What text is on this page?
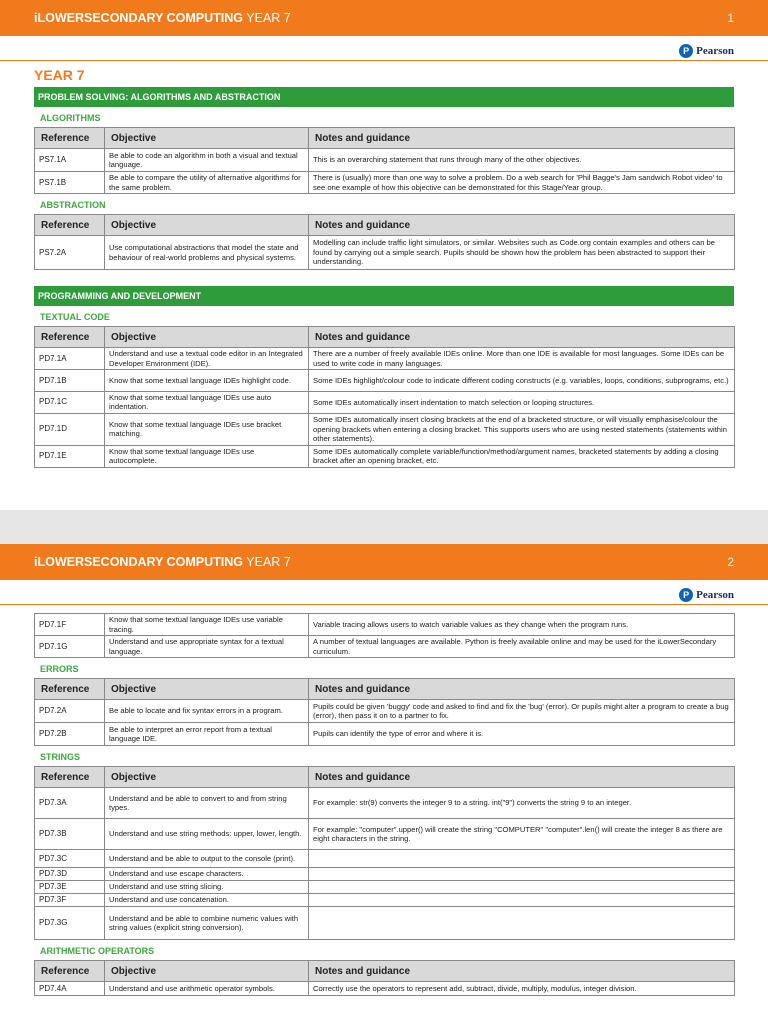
iLOWERSECONDARY COMPUTING YEAR 7	1
P Pearson
YEAR 7
PROBLEM SOLVING: ALGORITHMS AND ABSTRACTION
ALGORITHMS
Reference	Objective	Notes and guidance
PS7.1A	Be able to code an algorithm in both a visual and textual language.	This is an overarching statement that runs through many of the other objectives.
PS7.1B	Be able to compare the utility of alternative algorithms for the same problem.	There is (usually) more than one way to solve a problem. Do a web search for 'Phil Bagge's Jam sandwich Robot video' to see one example of how this objective can be demonstrated for this Stage/Year group.
ABSTRACTION
Reference	Objective	Notes and guidance
PS7.2A	Use computational abstractions that model the state and behaviour of real-world problems and physical systems.	Modelling can include traffic light simulators, or similar. Websites such as Code.org contain examples and others can be found by carrying out a simple search. Pupils should be shown how the problem has been abstracted to support their understanding.
PROGRAMMING AND DEVELOPMENT
TEXTUAL CODE
Reference	Objective	Notes and guidance
PD7.1A	Understand and use a textual code editor in an Integrated Developer Environment (IDE).	There are a number of freely available IDEs online. More than one IDE is available for most languages. Some IDEs can be used to write code in many languages.
PD7.1B	Know that some textual language IDEs highlight code.	Some IDEs highlight/colour code to indicate different coding constructs (e.g. variables, loops, conditions, subprograms, etc.)
PD7.1C	Know that some textual language IDEs use auto indentation.	Some IDEs automatically insert indentation to match selection or looping structures.
PD7.1D	Know that some textual language IDEs use bracket matching.	Some IDEs automatically insert closing brackets at the end of a bracketed structure, or will visually emphasise/colour the opening brackets when entering a closing bracket. This supports users who are using nested statements (statements within other statements).
PD7.1E	Know that some textual language IDEs use autocomplete.	Some IDEs automatically complete variable/function/method/argument names, bracketed statements by adding a closing bracket after an opening bracket, etc.
iLOWERSECONDARY COMPUTING YEAR 7	2
P Pearson
PD7.1F	Know that some textual language IDEs use variable tracing.	Variable tracing allows users to watch variable values as they change when the program runs.
PD7.1G	Understand and use appropriate syntax for a textual language.	A number of textual languages are available. Python is freely available online and may be used for the iLowerSecondary curriculum.
ERRORS
Reference	Objective	Notes and guidance
PD7.2A	Be able to locate and fix syntax errors in a program.	Pupils could be given 'buggy' code and asked to find and fix the 'bug' (error). Or pupils might alter a program to create a bug (error), then pass it on to a partner to fix.
PD7.2B	Be able to interpret an error report from a textual language IDE.	Pupils can identify the type of error and where it is.
STRINGS
Reference	Objective	Notes and guidance
PD7.3A	Understand and be able to convert to and from string types.	For example: str(9) converts the integer 9 to a string. int("9") converts the string 9 to an integer.
PD7.3B	Understand and use string methods: upper, lower, length.	For example: "computer".upper() will create the string "COMPUTER" "computer".len() will create the integer 8 as there are eight characters in the string.
PD7.3C	Understand and be able to output to the console (print).	
PD7.3D	Understand and use escape characters.	
PD7.3E	Understand and use string slicing.	
PD7.3F	Understand and use concatenation.	
PD7.3G	Understand and be able to combine numeric values with string values (explicit string conversion).	
ARITHMETIC OPERATORS
Reference	Objective	Notes and guidance
PD7.4A	Understand and use arithmetic operator symbols.	Correctly use the operators to represent add, subtract, divide, multiply, modulus, integer division.
